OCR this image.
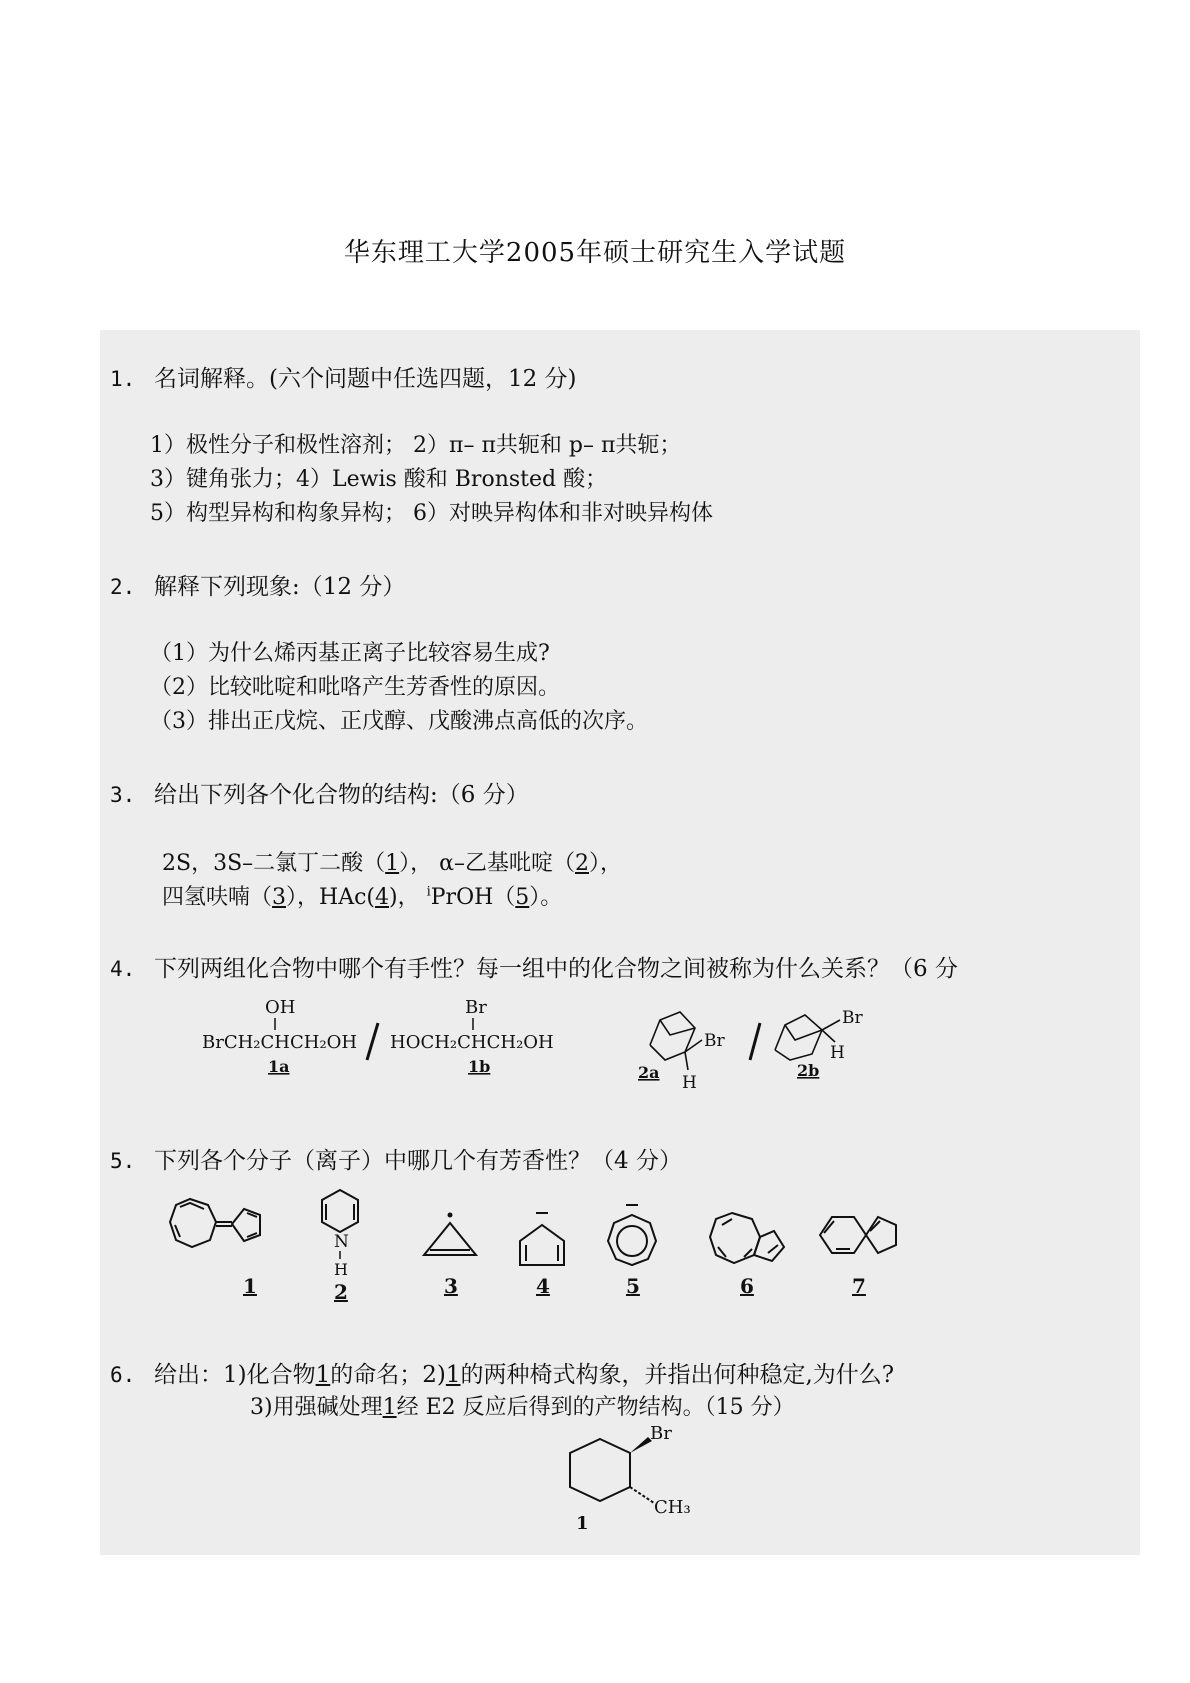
华东理工大学2005年硕士研究生入学试题
1. 名词解释。(六个问题中任选四题，12 分)
1）极性分子和极性溶剂； 2）π– π共轭和 p– π共轭；
3）键角张力；4）Lewis 酸和 Bronsted 酸；
5）构型异构和构象异构； 6）对映异构体和非对映异构体
2. 解释下列现象:（12 分）
（1）为什么烯丙基正离子比较容易生成?
（2）比较吡啶和吡咯产生芳香性的原因。
（3）排出正戊烷、正戊醇、戊酸沸点高低的次序。
3. 给出下列各个化合物的结构:（6 分）
2S，3S–二氯丁二酸（1）， α–乙基吡啶（2），
四氢呋喃（3），HAc(4)， $^i$PrOH（5）。
4. 下列两组化合物中哪个有手性？每一组中的化合物之间被称为什么关系？（6 分
OH
BrCH₂CHCH₂OH
1a
Br
HOCH₂CHCH₂OH
1b
Br
H
2a
Br
H
2b
5. 下列各个分子（离子）中哪几个有芳香性？（4 分）
N
H
1	2	3	4	5	6	7
6. 给出：1)化合物1的命名；2)1的两种椅式构象，并指出何种稳定,为什么?
3)用强碱处理1经 E2 反应后得到的产物结构。（15 分）
Br
CH₃
1
